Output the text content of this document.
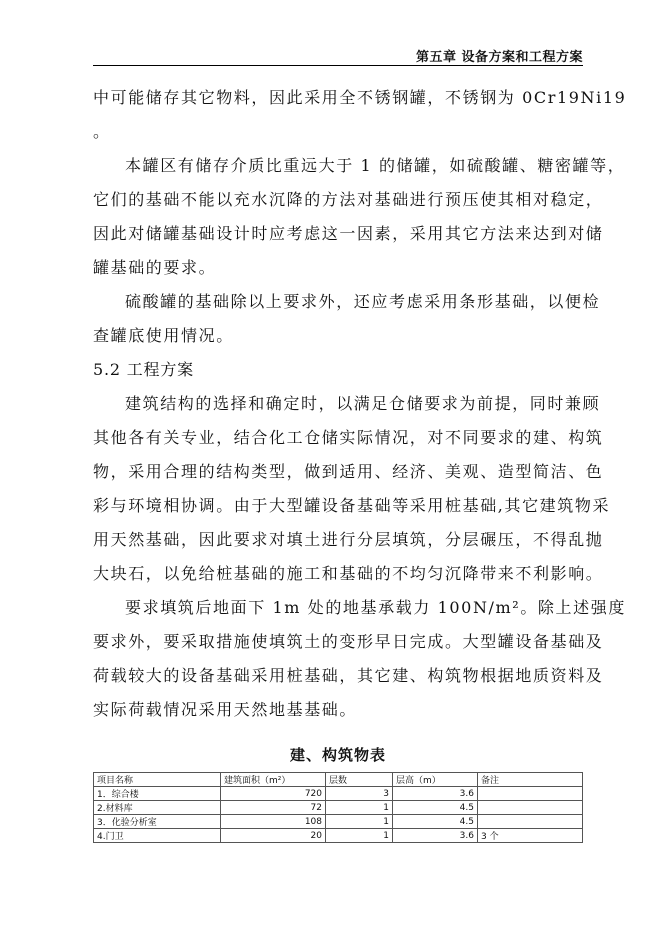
第五章 设备方案和工程方案
中可能储存其它物料，因此采用全不锈钢罐，不锈钢为 0Cr19Ni19
。
本罐区有储存介质比重远大于 1 的储罐，如硫酸罐、糖密罐等，
它们的基础不能以充水沉降的方法对基础进行预压使其相对稳定，
因此对储罐基础设计时应考虑这一因素，采用其它方法来达到对储
罐基础的要求。
硫酸罐的基础除以上要求外，还应考虑采用条形基础，以便检
查罐底使用情况。
5.2 工程方案
建筑结构的选择和确定时，以满足仓储要求为前提，同时兼顾
其他各有关专业，结合化工仓储实际情况，对不同要求的建、构筑
物，采用合理的结构类型，做到适用、经济、美观、造型简洁、色
彩与环境相协调。由于大型罐设备基础等采用桩基础,其它建筑物采
用天然基础，因此要求对填土进行分层填筑，分层碾压，不得乱抛
大块石，以免给桩基础的施工和基础的不均匀沉降带来不利影响。
要求填筑后地面下 1m 处的地基承载力 100N/m²。除上述强度
要求外，要采取措施使填筑土的变形早日完成。大型罐设备基础及
荷载较大的设备基础采用桩基础，其它建、构筑物根据地质资料及
实际荷载情况采用天然地基基础。
建、构筑物表
项目名称	建筑面积（m²）	层数	层高（m）	备注
1．综合楼	720	3	3.6	
2.材料库	72	1	4.5	
3．化验分析室	108	1	4.5	
4.门卫	20	1	3.6	3 个
